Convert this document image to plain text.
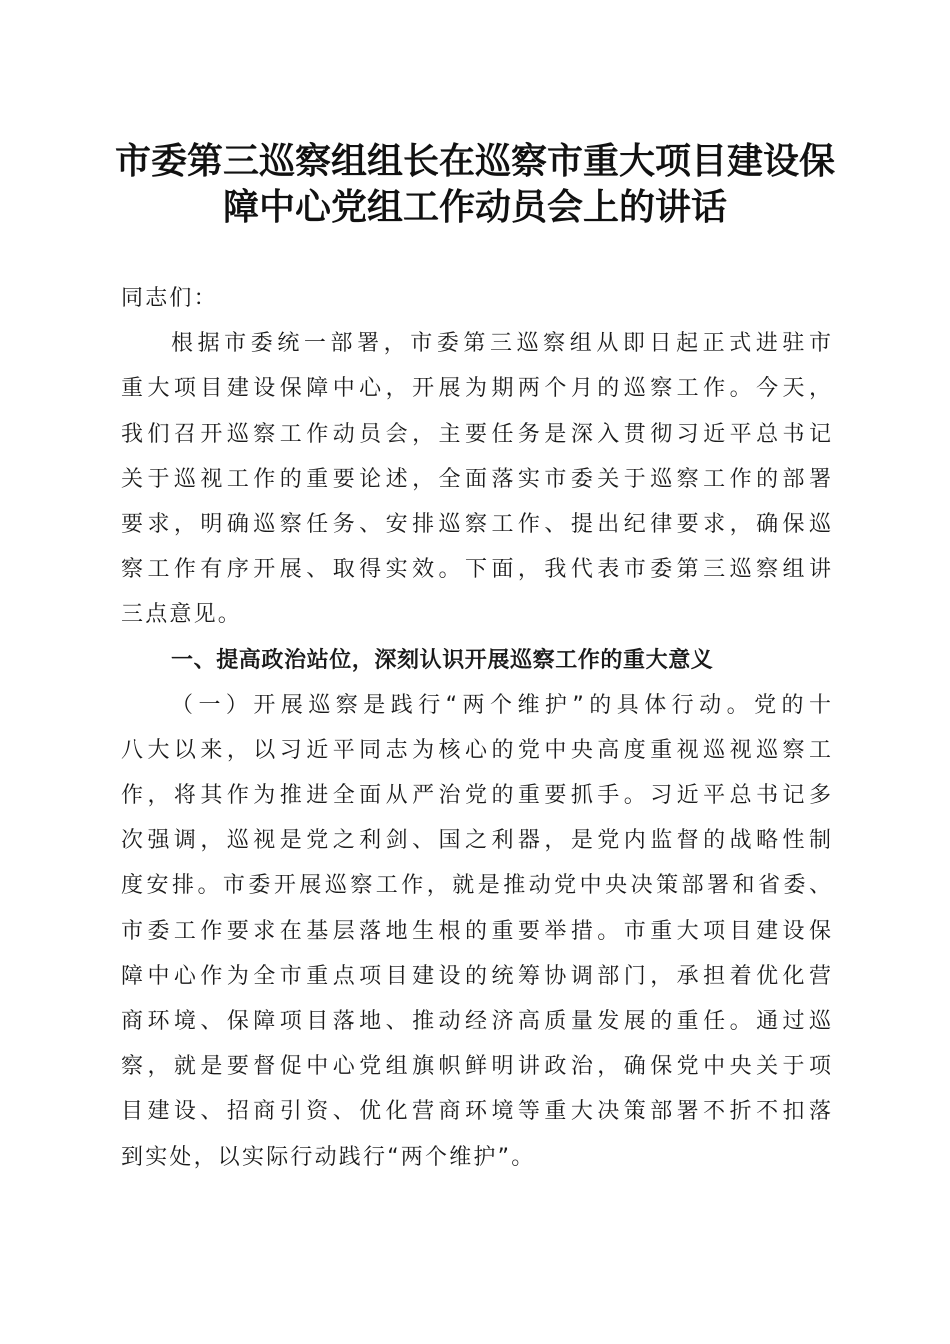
市委第三巡察组组长在巡察市重大项目建设保
障中心党组工作动员会上的讲话
同志们：
根据市委统一部署，市委第三巡察组从即日起正式进驻市
重大项目建设保障中心，开展为期两个月的巡察工作。今天，
我们召开巡察工作动员会，主要任务是深入贯彻习近平总书记
关于巡视工作的重要论述，全面落实市委关于巡察工作的部署
要求，明确巡察任务、安排巡察工作、提出纪律要求，确保巡
察工作有序开展、取得实效。下面，我代表市委第三巡察组讲
三点意见。
一、提高政治站位，深刻认识开展巡察工作的重大意义
（一）开展巡察是践行“两个维护”的具体行动。党的十
八大以来，以习近平同志为核心的党中央高度重视巡视巡察工
作，将其作为推进全面从严治党的重要抓手。习近平总书记多
次强调，巡视是党之利剑、国之利器，是党内监督的战略性制
度安排。市委开展巡察工作，就是推动党中央决策部署和省委、
市委工作要求在基层落地生根的重要举措。市重大项目建设保
障中心作为全市重点项目建设的统筹协调部门，承担着优化营
商环境、保障项目落地、推动经济高质量发展的重任。通过巡
察，就是要督促中心党组旗帜鲜明讲政治，确保党中央关于项
目建设、招商引资、优化营商环境等重大决策部署不折不扣落
到实处，以实际行动践行“两个维护”。
